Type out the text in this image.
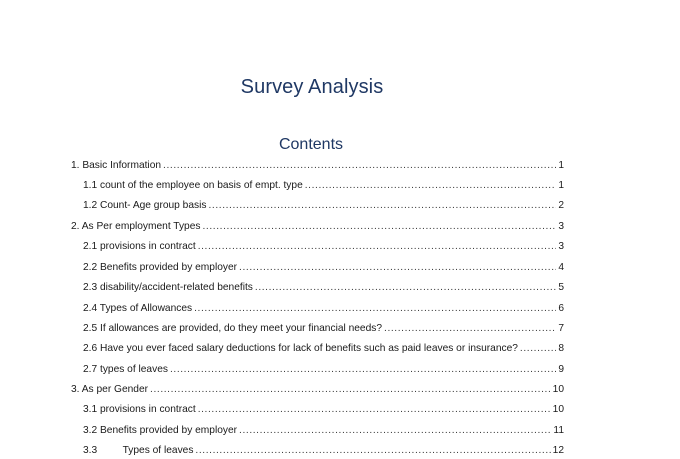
Survey Analysis
Contents
1. Basic Information .....	1
1.1 count of the employee on basis of empt. type .....	1
1.2 Count- Age group basis .....	2
2. As Per employment Types .....	3
2.1 provisions in contract .....	3
2.2 Benefits provided by employer .....	4
2.3 disability/accident-related benefits .....	5
2.4 Types of Allowances .....	6
2.5 If allowances are provided, do they meet your financial needs? .....	7
2.6 Have you ever faced salary deductions for lack of benefits such as paid leaves or insurance? .....	8
2.7 types of leaves .....	9
3. As per Gender .....	10
3.1 provisions in contract .....	10
3.2 Benefits provided by employer .....	11
3.3         Types of leaves .....	12
